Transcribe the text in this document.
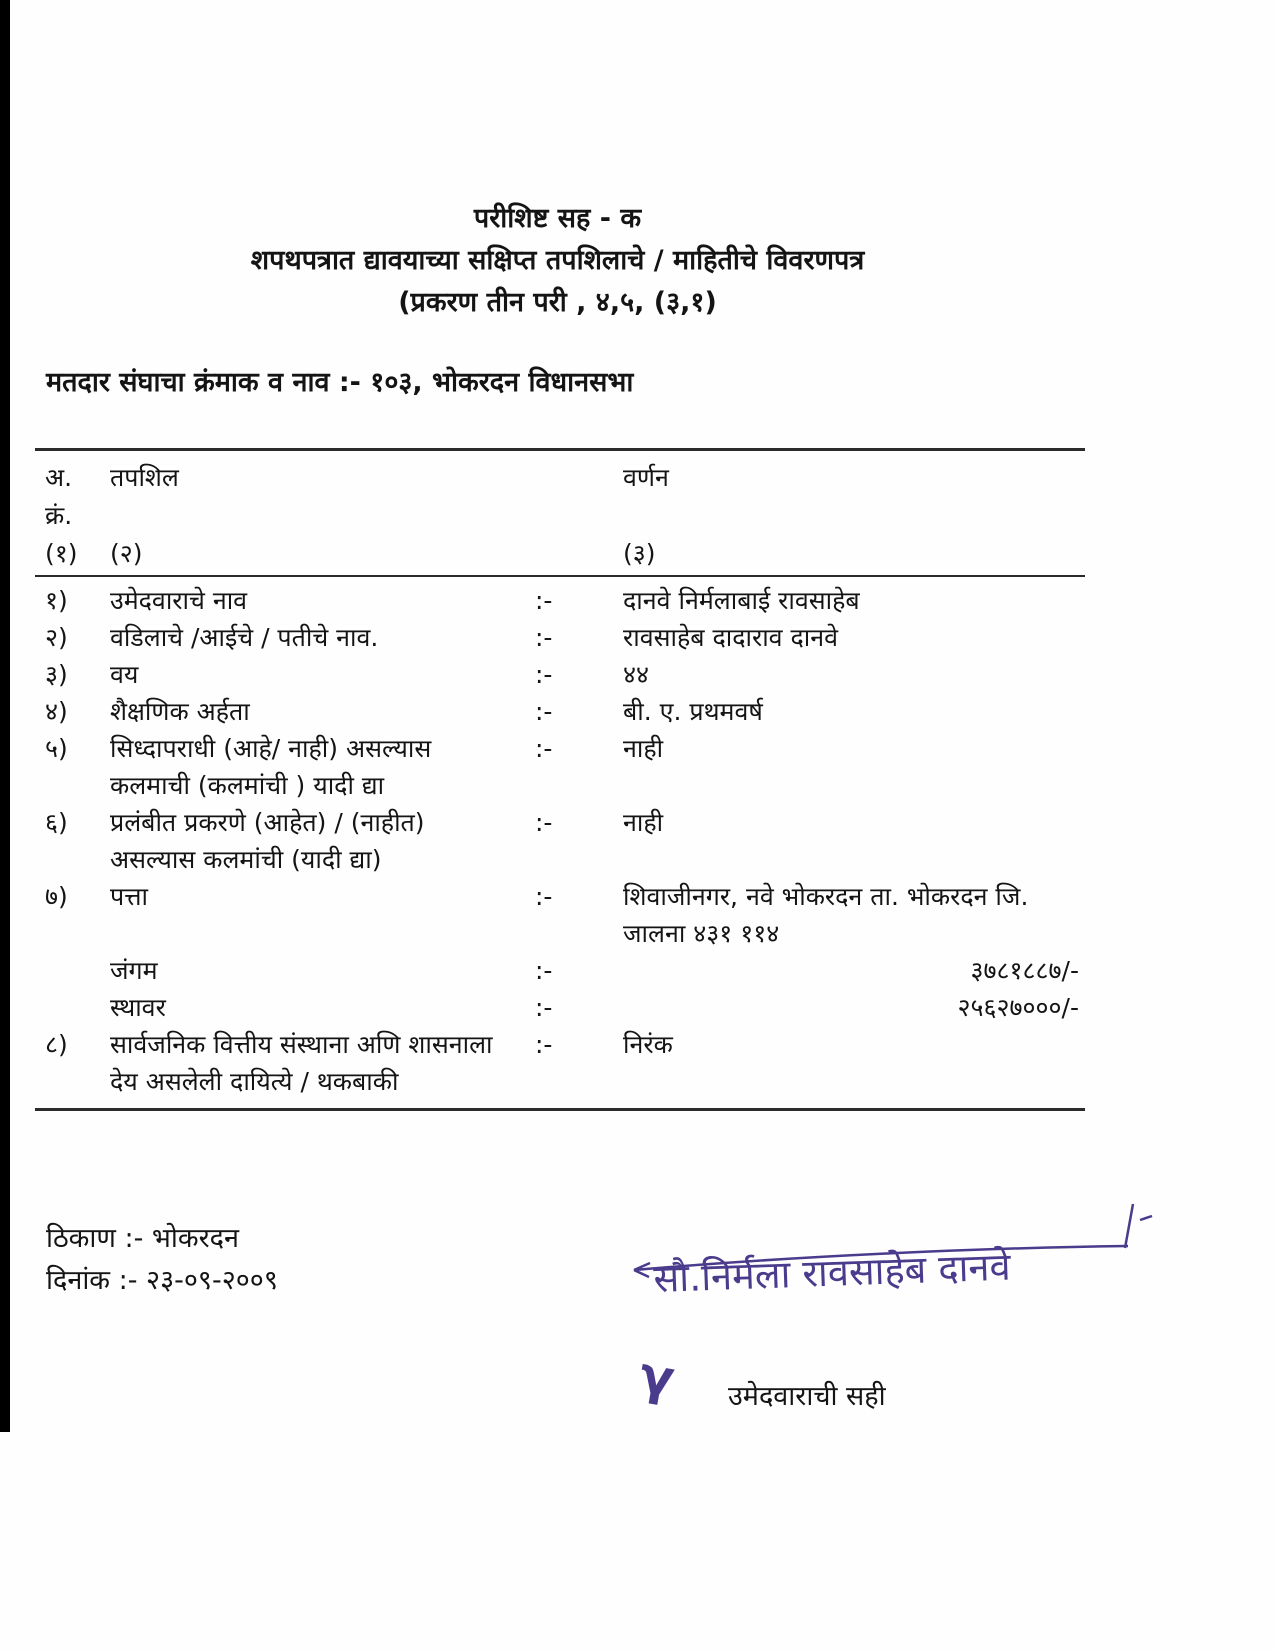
परीशिष्ट सह - क
शपथपत्रात द्यावयाच्या सक्षिप्त तपशिलाचे / माहितीचे विवरणपत्र
(प्रकरण तीन परी , ४,५, (३,१)
मतदार संघाचा क्रंमाक व नाव :- १०३, भोकरदन विधानसभा
अ.	तपशिल	वर्णन
क्रं.
(१)	(२)	(३)
१)	उमेदवाराचे नाव	:-	दानवे निर्मलाबाई रावसाहेब
२)	वडिलाचे /आईचे / पतीचे नाव.	:-	रावसाहेब दादाराव दानवे
३)	वय	:-	४४
४)	शैक्षणिक अर्हता	:-	बी. ए. प्रथमवर्ष
५)	सिध्दापराधी (आहे/ नाही) असल्यास
कलमाची (कलमांची ) यादी द्या
:-	नाही
६)	प्रलंबीत प्रकरणे (आहेत) / (नाहीत)
असल्यास कलमांची (यादी द्या)
:-	नाही
७)	पत्ता	:-	शिवाजीनगर, नवे भोकरदन ता. भोकरदन जि.
जालना ४३१ ११४
जंगम	:-	३७८१८८७/-
स्थावर	:-	२५६२७०००/-
८)	सार्वजनिक वित्तीय संस्थाना अणि शासनाला
देय असलेली दायित्ये / थकबाकी
:-	निरंक
ठिकाण :- भोकरदन
दिनांक :- २३-०९-२००९	सौ.निर्मला रावसाहेब दानवे
γ उमेदवाराची सही
